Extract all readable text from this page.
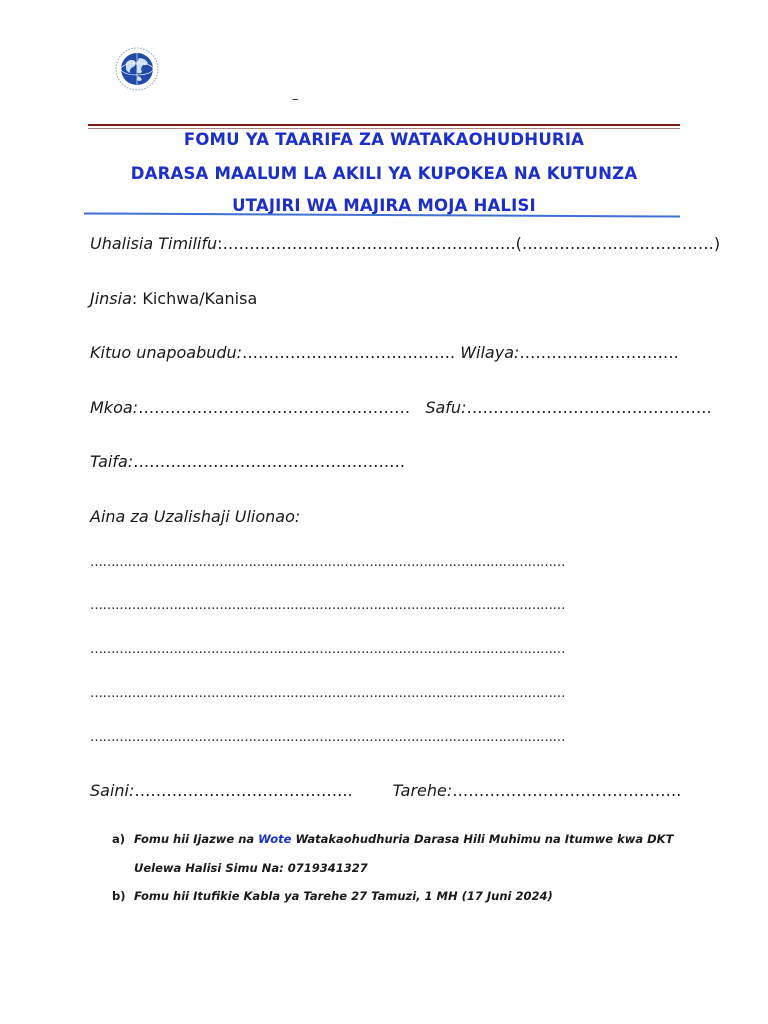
–
FOMU YA TAARIFA ZA WATAKAOHUDHURIA
DARASA MAALUM LA AKILI YA KUPOKEA NA KUTUNZA
UTAJIRI WA MAJIRA MOJA HALISI
Uhalisia Timilifu:……………………………………………….(………………………………)
Jinsia: Kichwa/Kanisa
Kituo unapoabudu:…………………………………. Wilaya:…………..…………….
Mkoa:……………………………………………   Safu:……………………………………….
Taifa:……………………………………………
Aina za Uzalishaji Ulionao:
……………………………………………………………………………………………………
……………………………………………………………………………………………………
……………………………………………………………………………………………………
……………………………………………………………………………………………………
……………………………………………………………………………………………………
Saini:…………………………………..	Tarehe:…………………………………….
a) Fomu hii Ijazwe na Wote Watakaohudhuria Darasa Hili Muhimu na Itumwe kwa DKT
Uelewa Halisi Simu Na: 0719341327
b) Fomu hii Itufikie Kabla ya Tarehe 27 Tamuzi, 1 MH (17 Juni 2024)
